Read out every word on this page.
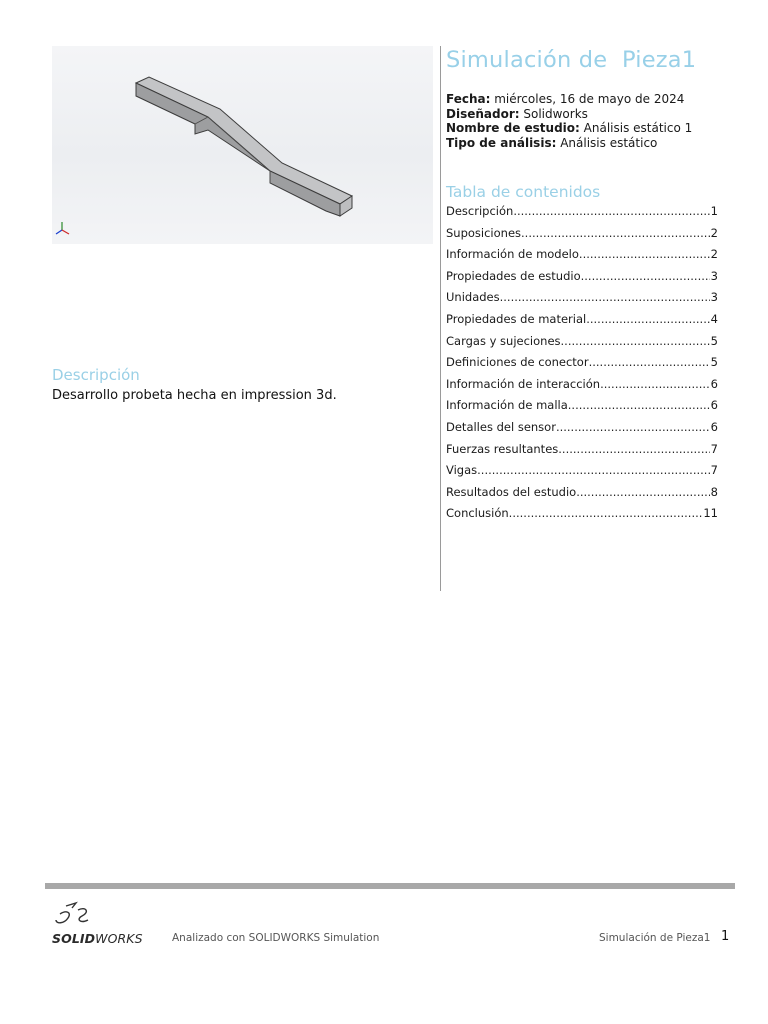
Descripción
Desarrollo probeta hecha en impression 3d.
Simulación de  Pieza1
Fecha: miércoles, 16 de mayo de 2024
Diseñador: Solidworks
Nombre de estudio: Análisis estático 1
Tipo de análisis: Análisis estático
Tabla de contenidos
Descripción .....	1
Suposiciones .....	2
Información de modelo .....	2
Propiedades de estudio .....	3
Unidades .....	3
Propiedades de material .....	4
Cargas y sujeciones .....	5
Definiciones de conector .....	5
Información de interacción .....	6
Información de malla .....	6
Detalles del sensor .....	6
Fuerzas resultantes .....	7
Vigas .....	7
Resultados del estudio .....	8
Conclusión .....	11
SOLIDWORKS	Analizado con SOLIDWORKS Simulation	Simulación de Pieza1 1
